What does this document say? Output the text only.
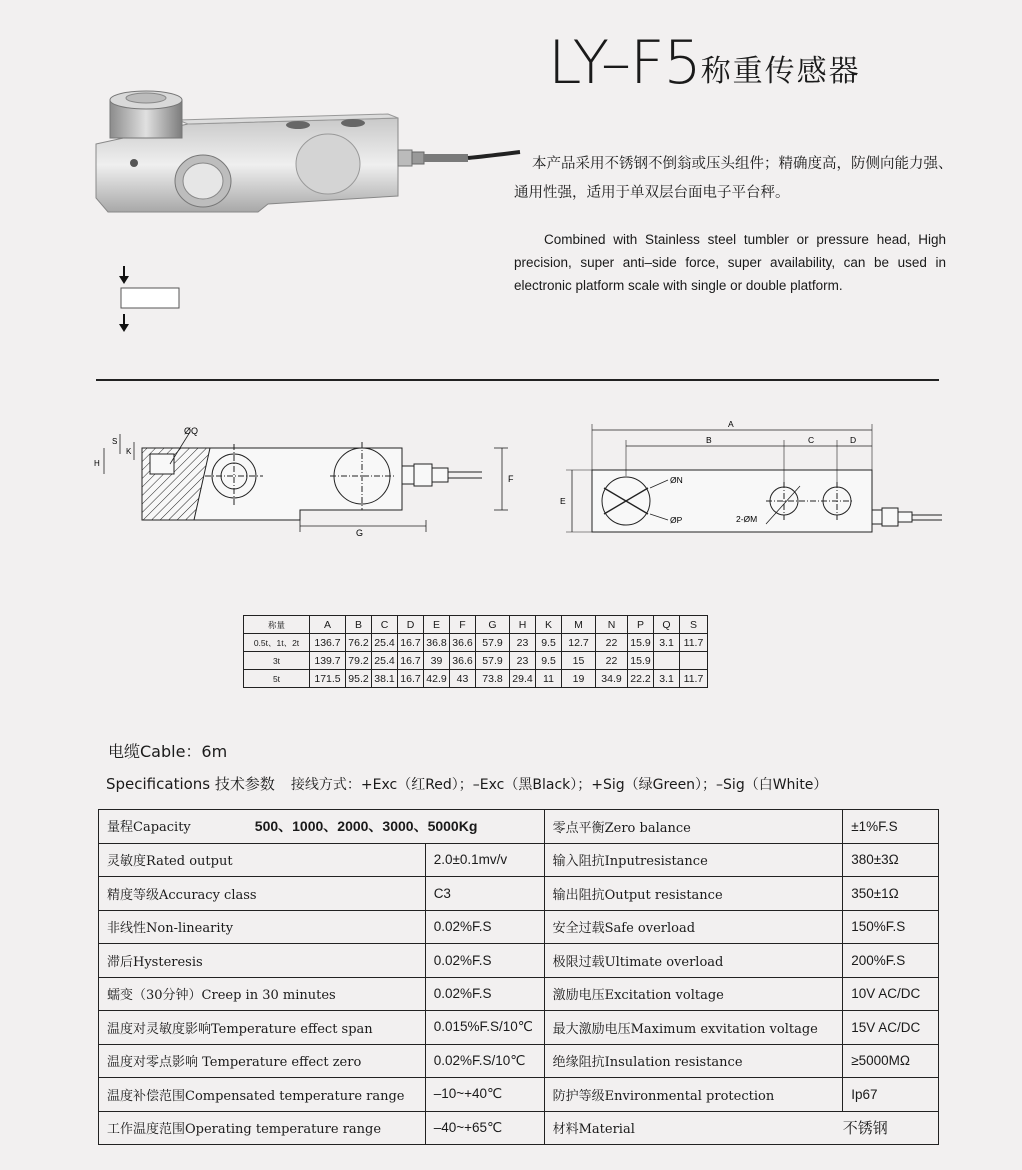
LY–F5称重传感器
本产品采用不锈钢不倒翁或压头组件；精确度高，防侧向能力强、通用性强，适用于单双层台面电子平台秤。
Combined with Stainless steel tumbler or pressure head, High precision, super anti–side force, super availability, can be used in electronic platform scale with single or double platform.
F
G
H
S
K
ØQ
2-ØM
ØN
ØP
A
B	C	D
E
称量	A	B	C	D	E	F	G	H	K	M	N	P	Q	S
0.5t、1t、2t	136.7	76.2	25.4	16.7	36.8	36.6	57.9	23	9.5	12.7	22	15.9	3.1	11.7
3t	139.7	79.2	25.4	16.7	39	36.6	57.9	23	9.5	15	22	15.9		
5t	171.5	95.2	38.1	16.7	42.9	43	73.8	29.4	11	19	34.9	22.2	3.1	11.7
电缆Cable：6m
Specifications 技术参数 接线方式：+Exc（红Red）；–Exc（黑Black）；+Sig（绿Green）；–Sig（白White）
量程Capacity 500、1000、2000、3000、5000Kg		零点平衡Zero balance	±1%F.S
灵敏度Rated output	2.0±0.1mv/v	输入阻抗Inputresistance	380±3Ω
精度等级Accuracy class	C3	输出阻抗Output resistance	350±1Ω
非线性Non-linearity	0.02%F.S	安全过载Safe overload	150%F.S
滞后Hysteresis	0.02%F.S	极限过载Ultimate overload	200%F.S
蠕变（30分钟）Creep in 30 minutes	0.02%F.S	激励电压Excitation voltage	10V AC/DC
温度对灵敏度影响Temperature effect span	0.015%F.S/10℃	最大激励电压Maximum exvitation voltage	15V AC/DC
温度对零点影响 Temperature effect zero	0.02%F.S/10℃	绝缘阻抗Insulation resistance	≥5000MΩ
温度补偿范围Compensated temperature range	–10~+40℃	防护等级Environmental protection	Ip67
工作温度范围Operating temperature range	–40~+65℃	材料Material	不锈钢
